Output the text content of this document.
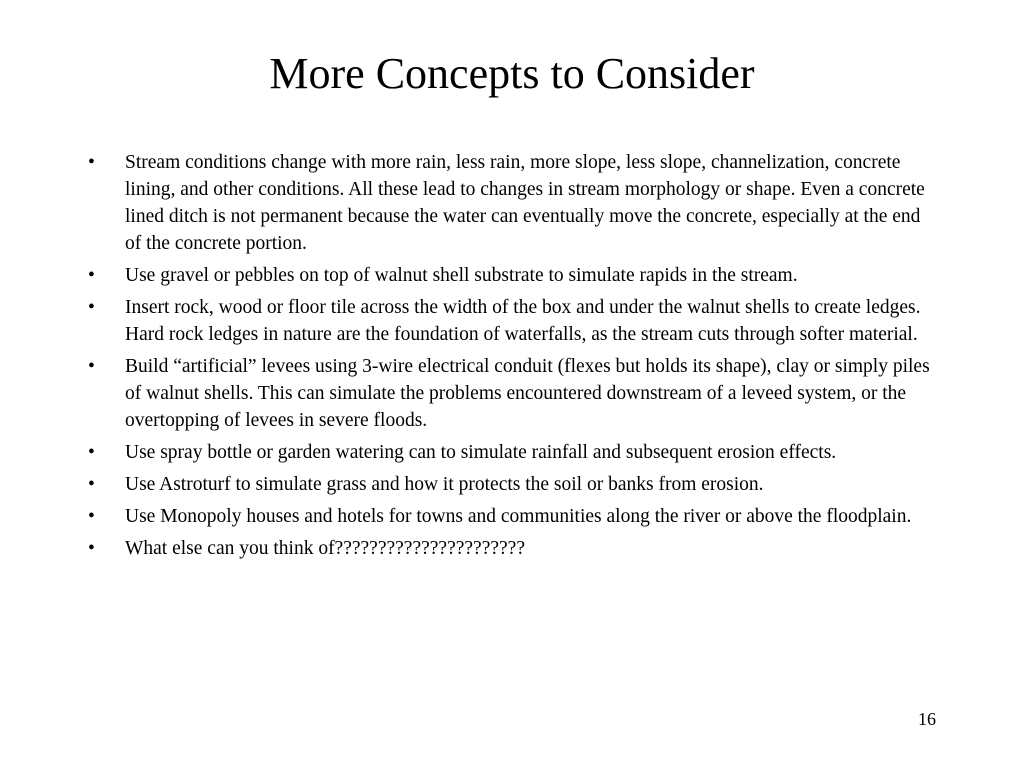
More Concepts to Consider
• Stream conditions change with more rain, less rain, more slope, less slope, channelization, concrete lining, and other conditions. All these lead to changes in stream morphology or shape. Even a concrete lined ditch is not permanent because the water can eventually move the concrete, especially at the end of the concrete portion.
• Use gravel or pebbles on top of walnut shell substrate to simulate rapids in the stream.
• Insert rock, wood or floor tile across the width of the box and under the walnut shells to create ledges. Hard rock ledges in nature are the foundation of waterfalls, as the stream cuts through softer material.
• Build “artificial” levees using 3-wire electrical conduit (flexes but holds its shape), clay or simply piles of walnut shells. This can simulate the problems encountered downstream of a leveed system, or the overtopping of levees in severe floods.
• Use spray bottle or garden watering can to simulate rainfall and subsequent erosion effects.
• Use Astroturf to simulate grass and how it protects the soil or banks from erosion.
• Use Monopoly houses and hotels for towns and communities along the river or above the floodplain.
• What else can you think of??????????????????????
16
